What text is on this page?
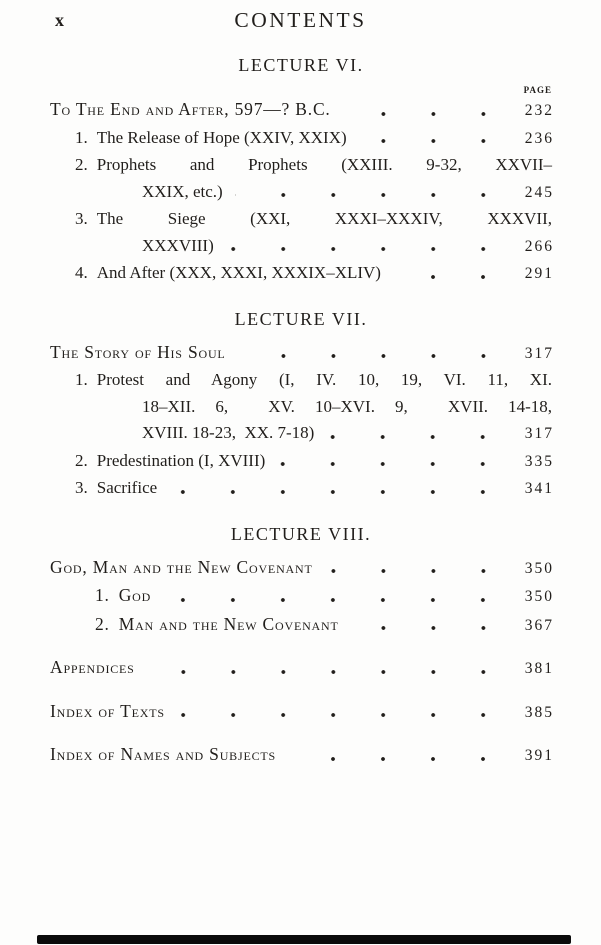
x	CONTENTS
LECTURE VI.
PAGE
To The End and After, 597—? B.C.	232
1. The Release of Hope (XXIV, XXIX)	236
2. Prophets and Prophets (XXIII. 9-32, XXVII–
XXIX, etc.)	245
3. The Siege (XXI, XXXI–XXXIV, XXXVII,
XXXVIII)	266
4. And After (XXX, XXXI, XXXIX–XLIV)	291
LECTURE VII.
The Story of His Soul	317
1. Protest and Agony (I, IV. 10, 19, VI. 11, XI.
18–XII. 6,  XV. 10–XVI. 9,  XVII. 14-18,
XVIII. 18-23,  XX. 7-18)	317
2. Predestination (I, XVIII)	335
3. Sacrifice	341
LECTURE VIII.
God, Man and the New Covenant	350
1. God	350
2. Man and the New Covenant	367
Appendices	381
Index of Texts	385
Index of Names and Subjects	391
